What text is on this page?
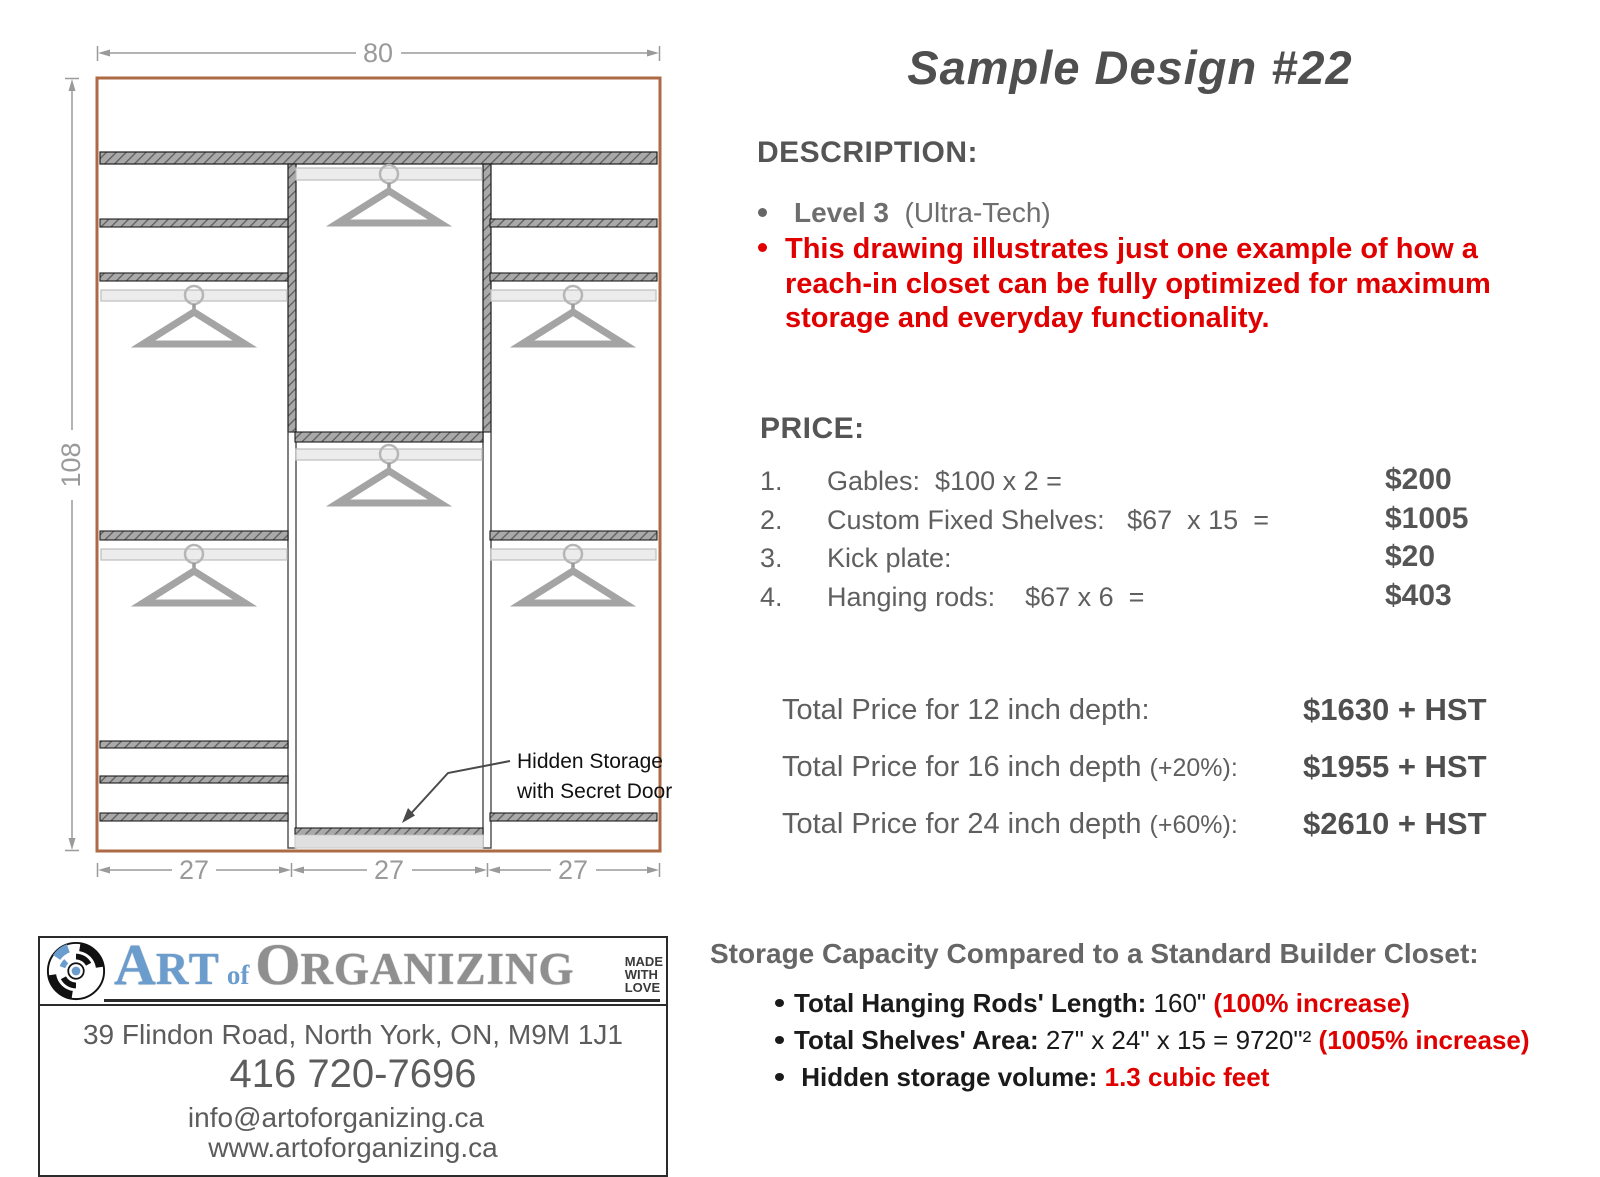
80
108
27	27	27
Hidden Storage
with Secret Door
Sample Design #22
DESCRIPTION:
Level 3  (Ultra-Tech)
This drawing illustrates just one example of how a
reach-in closet can be fully optimized for maximum
storage and everyday functionality.
PRICE:
1. Gables:  $100 x 2 =	$200
2. Custom Fixed Shelves:   $67  x 15  =	$1005
3. Kick plate:	$20
4. Hanging rods:    $67 x 6  =	$403
Total Price for 12 inch depth:	$1630 + HST
Total Price for 16 inch depth (+20%): $1955 + HST
Total Price for 24 inch depth (+60%): $2610 + HST
Storage Capacity Compared to a Standard Builder Closet:
Total Hanging Rods' Length: 160" (100% increase)
Total Shelves' Area: 27" x 24" x 15 = 9720"² (1005% increase)
Hidden storage volume: 1.3 cubic feet
ART of ORGANIZING	MADE
WITH
LOVE
39 Flindon Road, North York, ON, M9M 1J1
416 720-7696
info@artoforganizing.cawww.artoforganizing.ca
